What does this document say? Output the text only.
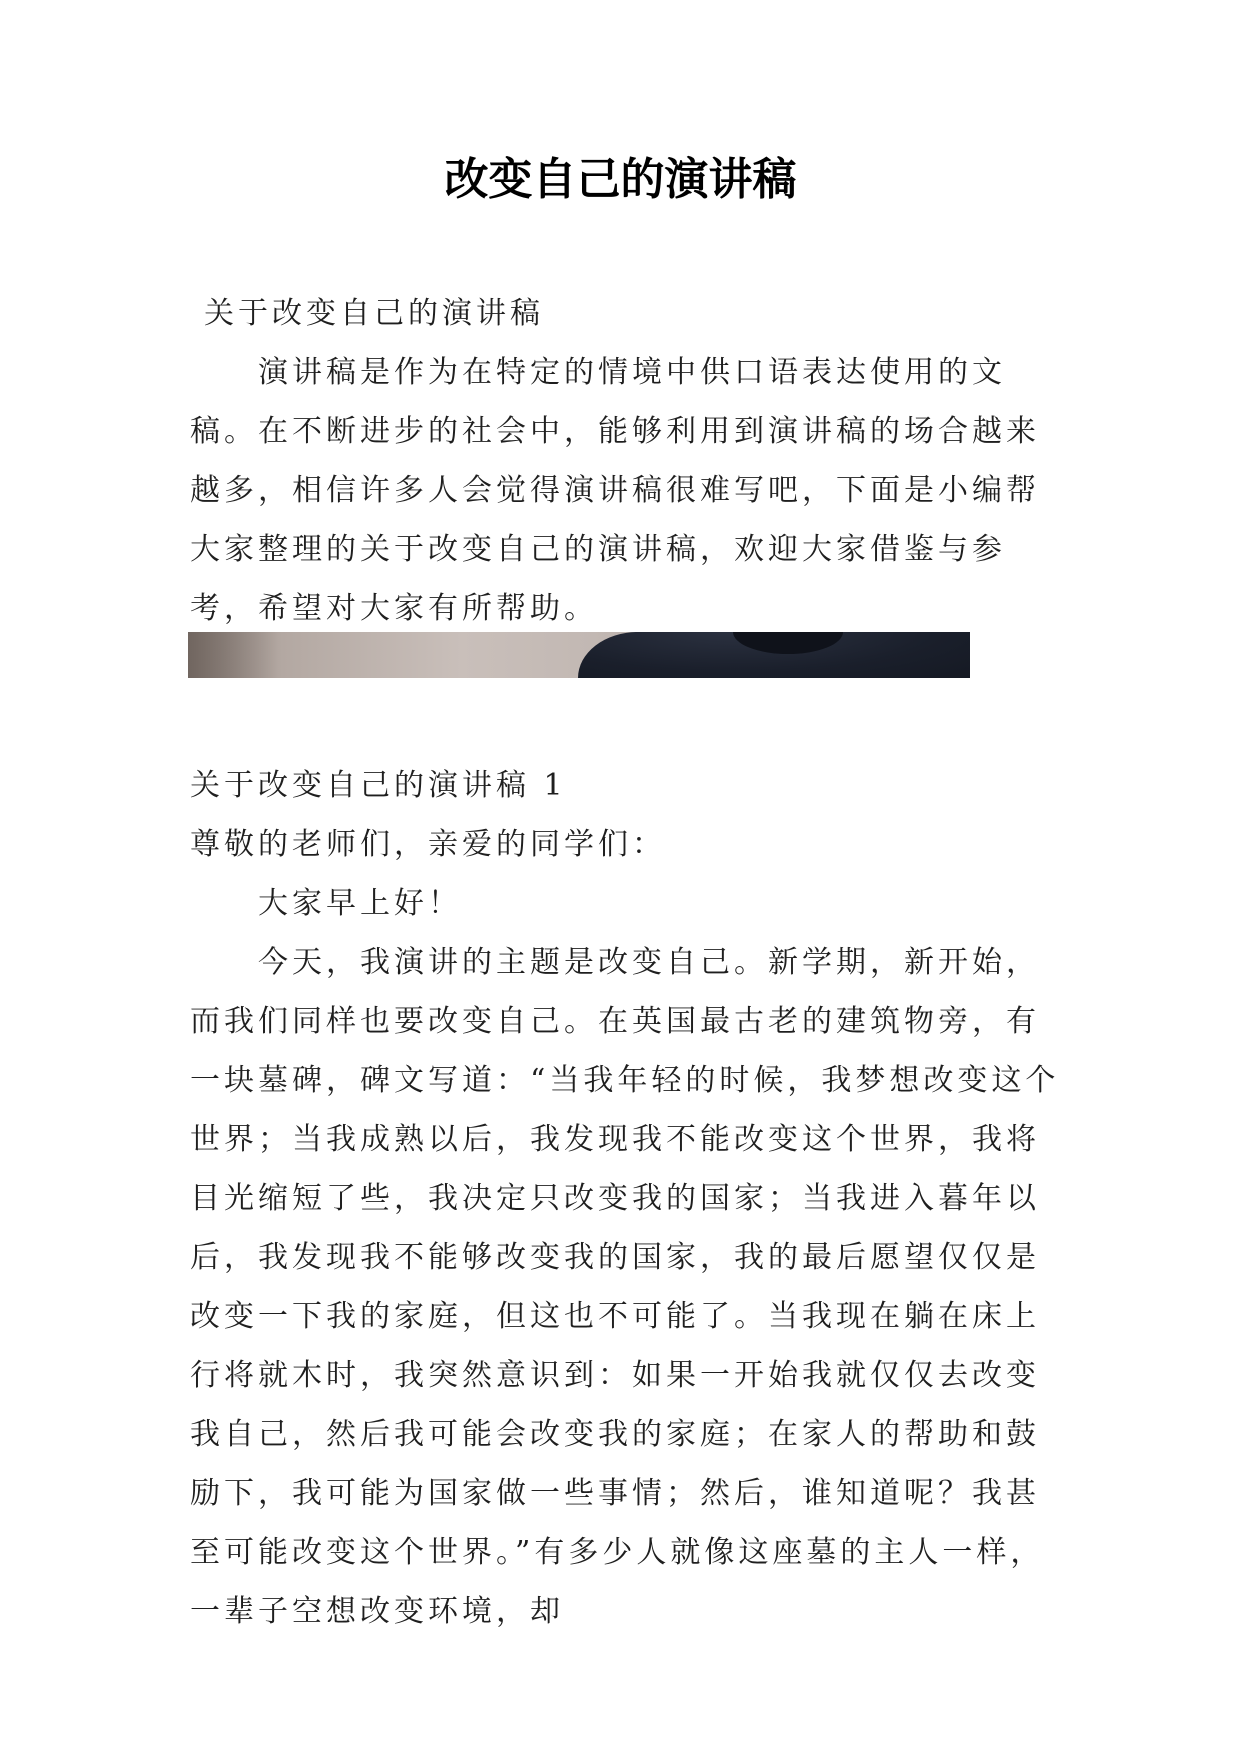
改变自己的演讲稿

关于改变自己的演讲稿

演讲稿是作为在特定的情境中供口语表达使用的文稿。在不断进步的社会中，能够利用到演讲稿的场合越来越多，相信许多人会觉得演讲稿很难写吧，下面是小编帮大家整理的关于改变自己的演讲稿，欢迎大家借鉴与参考，希望对大家有所帮助。

关于改变自己的演讲稿 1

尊敬的老师们，亲爱的同学们：

大家早上好！

今天，我演讲的主题是改变自己。新学期，新开始，而我们同样也要改变自己。在英国最古老的建筑物旁，有一块墓碑，碑文写道：“当我年轻的时候，我梦想改变这个世界；当我成熟以后，我发现我不能改变这个世界，我将目光缩短了些，我决定只改变我的国家；当我进入暮年以后，我发现我不能够改变我的国家，我的最后愿望仅仅是改变一下我的家庭，但这也不可能了。当我现在躺在床上行将就木时，我突然意识到：如果一开始我就仅仅去改变我自己，然后我可能会改变我的家庭；在家人的帮助和鼓励下，我可能为国家做一些事情；然后，谁知道呢？我甚至可能改变这个世界。”有多少人就像这座墓的主人一样，一辈子空想改变环境，却
